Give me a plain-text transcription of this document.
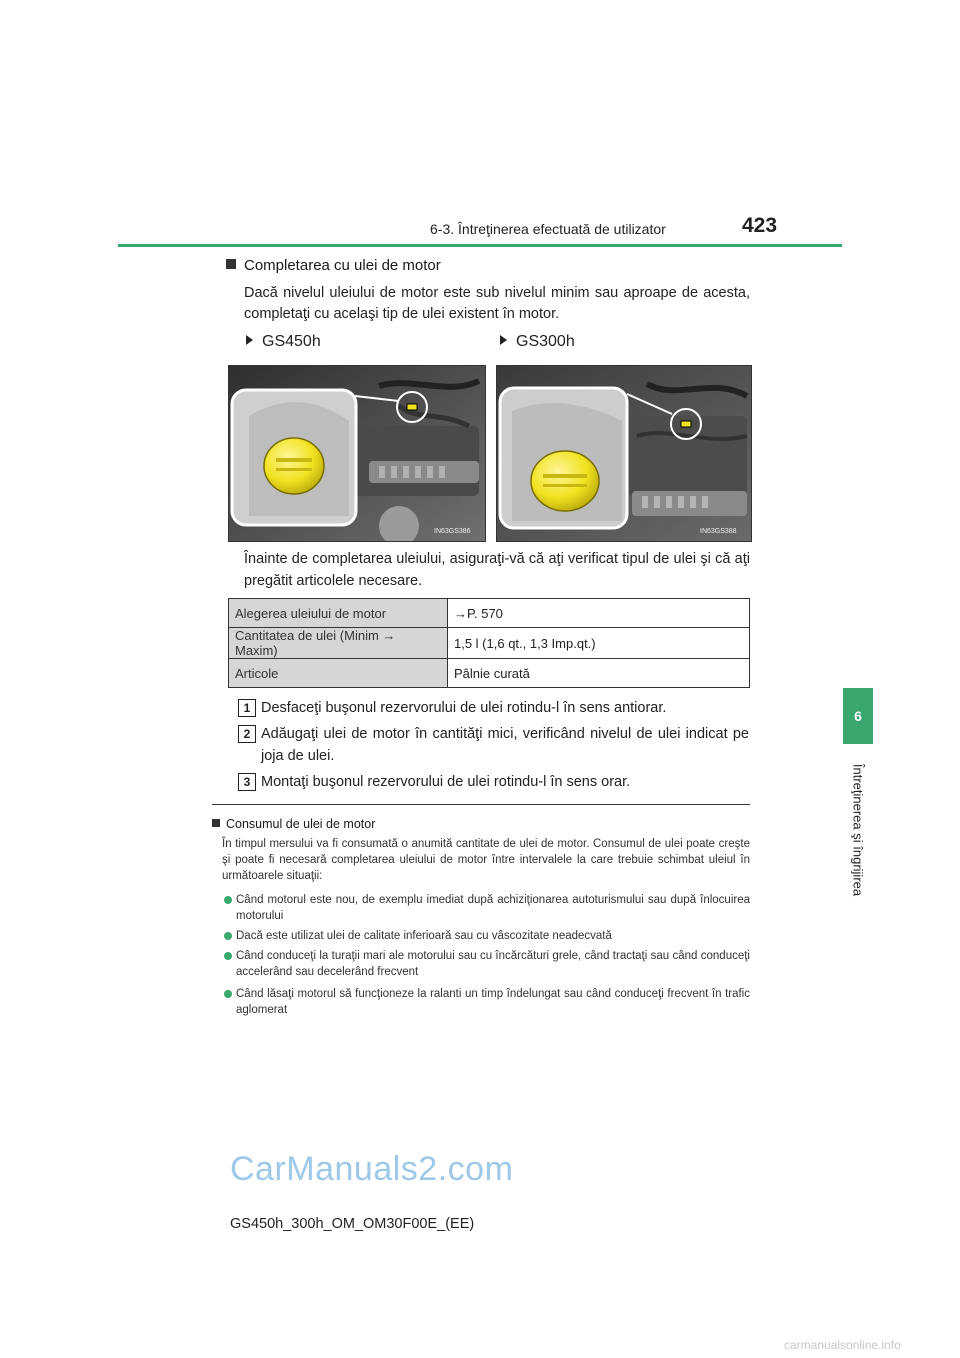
6-3. Întreţinerea efectuată de utilizator	423
6
Întreţinerea şi îngrijirea
Completarea cu ulei de motor
Dacă nivelul uleiului de motor este sub nivelul minim sau aproape de acesta, completaţi cu acelaşi tip de ulei existent în motor.
GS450h	GS300h
IN63GS386	IN63GS388
Înainte de completarea uleiului, asiguraţi-vă că aţi verificat tipul de ulei şi că aţi pregătit articolele necesare.
Alegerea uleiului de motor	→P. 570
Cantitatea de ulei (Minim → Maxim)	1,5 l (1,6 qt., 1,3 Imp.qt.)
Articole	Pâlnie curată
1 Desfaceţi buşonul rezervorului de ulei rotindu-l în sens antiorar.
2 Adăugaţi ulei de motor în cantităţi mici, verificând nivelul de ulei indicat pe joja de ulei.
3 Montaţi buşonul rezervorului de ulei rotindu-l în sens orar.
Consumul de ulei de motor
În timpul mersului va fi consumată o anumită cantitate de ulei de motor. Consumul de ulei poate creşte şi poate fi necesară completarea uleiului de motor între intervalele la care trebuie schimbat uleiul în următoarele situaţii:
Când motorul este nou, de exemplu imediat după achiziţionarea autoturismului sau după înlocuirea motorului
Dacă este utilizat ulei de calitate inferioară sau cu vâscozitate neadecvată
Când conduceţi la turaţii mari ale motorului sau cu încărcături grele, când tractaţi sau când conduceţi accelerând sau decelerând frecvent
Când lăsaţi motorul să funcţioneze la ralanti un timp îndelungat sau când conduceţi frecvent în trafic aglomerat
CarManuals2.com
GS450h_300h_OM_OM30F00E_(EE)
carmanualsonline.info
